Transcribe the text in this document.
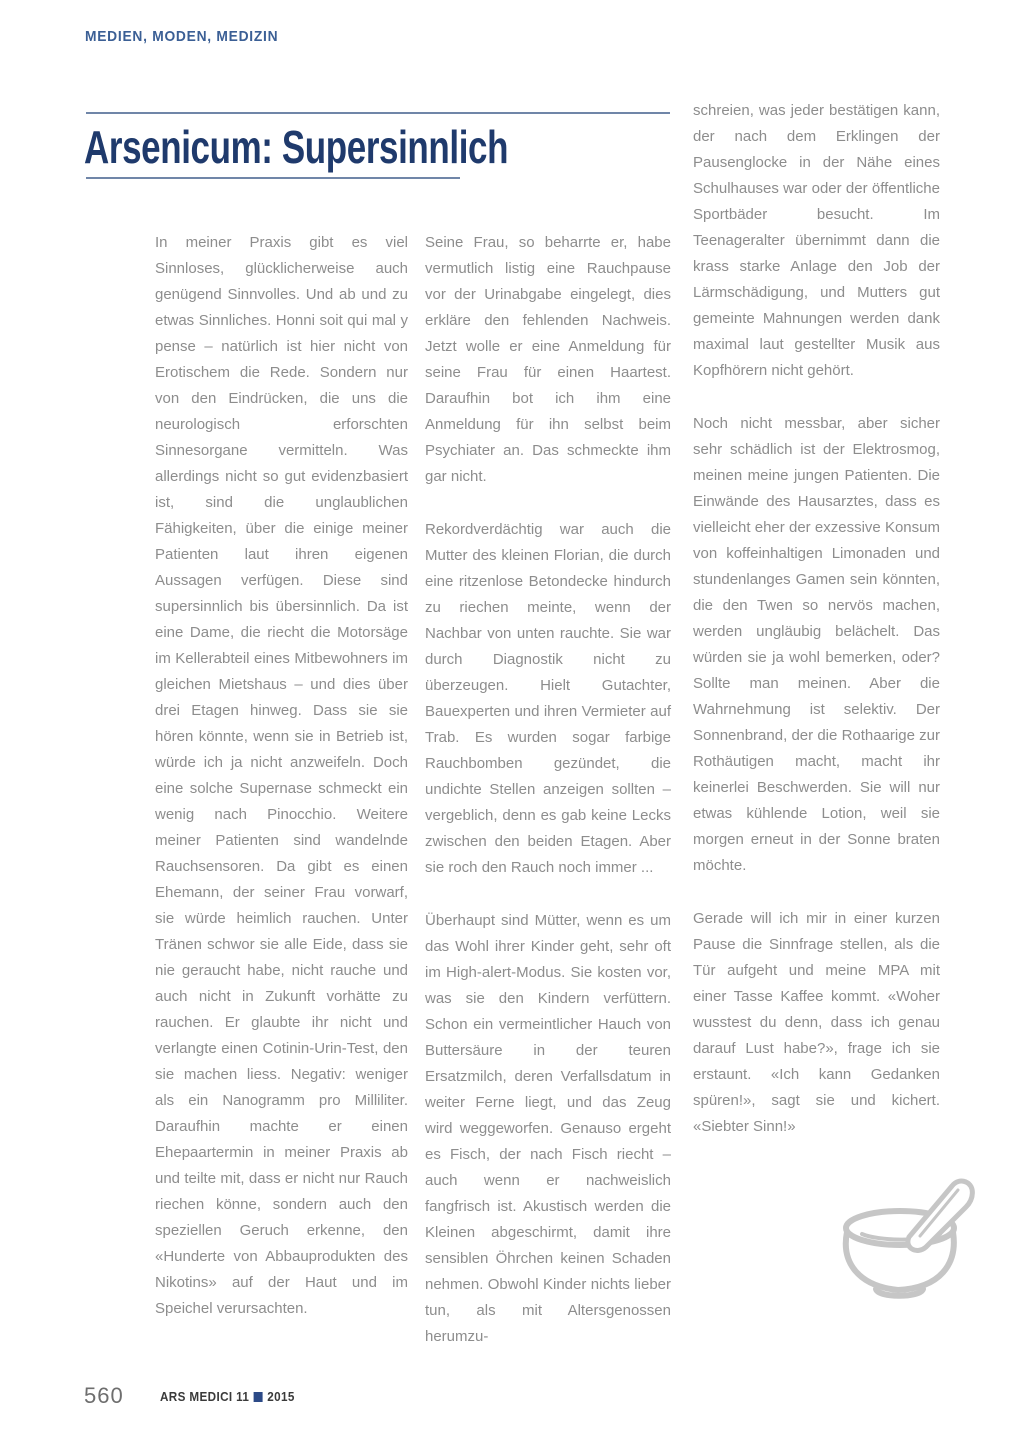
MEDIEN, MODEN, MEDIZIN
Arsenicum: Supersinnlich

In meiner Praxis gibt es viel Sinnloses, glücklicherweise auch genügend Sinnvolles. Und ab und zu etwas Sinnliches. Honni soit qui mal y pense – natürlich ist hier nicht von Erotischem die Rede. Sondern nur von den Eindrücken, die uns die neurologisch erforschten Sinnesorgane vermitteln. Was allerdings nicht so gut evidenzbasiert ist, sind die unglaublichen Fähigkeiten, über die einige meiner Patienten laut ihren eigenen Aussagen verfügen. Diese sind supersinnlich bis übersinnlich. Da ist eine Dame, die riecht die Motorsäge im Kellerabteil eines Mitbewohners im gleichen Mietshaus – und dies über drei Etagen hinweg. Dass sie sie hören könnte, wenn sie in Betrieb ist, würde ich ja nicht anzweifeln. Doch eine solche Supernase schmeckt ein wenig nach Pinocchio. Weitere meiner Patienten sind wandelnde Rauchsensoren. Da gibt es einen Ehemann, der seiner Frau vorwarf, sie würde heimlich rauchen. Unter Tränen schwor sie alle Eide, dass sie nie geraucht habe, nicht rauche und auch nicht in Zukunft vorhätte zu rauchen. Er glaubte ihr nicht und verlangte einen Cotinin-Urin-Test, den sie machen liess. Negativ: weniger als ein Nanogramm pro Milliliter. Daraufhin machte er einen Ehepaartermin in meiner Praxis ab und teilte mit, dass er nicht nur Rauch riechen könne, sondern auch den speziellen Geruch erkenne, den «Hunderte von Abbauprodukten des Nikotins» auf der Haut und im Speichel verursachten.

Seine Frau, so beharrte er, habe vermutlich listig eine Rauchpause vor der Urinabgabe eingelegt, dies erkläre den fehlenden Nachweis. Jetzt wolle er eine Anmeldung für seine Frau für einen Haartest. Daraufhin bot ich ihm eine Anmeldung für ihn selbst beim Psychiater an. Das schmeckte ihm gar nicht.

Rekordverdächtig war auch die Mutter des kleinen Florian, die durch eine ritzenlose Betondecke hindurch zu riechen meinte, wenn der Nachbar von unten rauchte. Sie war durch Diagnostik nicht zu überzeugen. Hielt Gutachter, Bauexperten und ihren Vermieter auf Trab. Es wurden sogar farbige Rauchbomben gezündet, die undichte Stellen anzeigen sollten – vergeblich, denn es gab keine Lecks zwischen den beiden Etagen. Aber sie roch den Rauch noch immer ...

Überhaupt sind Mütter, wenn es um das Wohl ihrer Kinder geht, sehr oft im High-alert-Modus. Sie kosten vor, was sie den Kindern verfüttern. Schon ein vermeintlicher Hauch von Buttersäure in der teuren Ersatzmilch, deren Verfallsdatum in weiter Ferne liegt, und das Zeug wird weggeworfen. Genauso ergeht es Fisch, der nach Fisch riecht – auch wenn er nachweislich fangfrisch ist. Akustisch werden die Kleinen abgeschirmt, damit ihre sensiblen Öhrchen keinen Schaden nehmen. Obwohl Kinder nichts lieber tun, als mit Altersgenossen herumzu-

schreien, was jeder bestätigen kann, der nach dem Erklingen der Pausenglocke in der Nähe eines Schulhauses war oder der öffentliche Sportbäder besucht. Im Teenageralter übernimmt dann die krass starke Anlage den Job der Lärmschädigung, und Mutters gut gemeinte Mahnungen werden dank maximal laut gestellter Musik aus Kopfhörern nicht gehört.

Noch nicht messbar, aber sicher sehr schädlich ist der Elektrosmog, meinen meine jungen Patienten. Die Einwände des Hausarztes, dass es vielleicht eher der exzessive Konsum von koffeinhaltigen Limonaden und stundenlanges Gamen sein könnten, die den Twen so nervös machen, werden ungläubig belächelt. Das würden sie ja wohl bemerken, oder? Sollte man meinen. Aber die Wahrnehmung ist selektiv. Der Sonnenbrand, der die Rothaarige zur Rothäutigen macht, macht ihr keinerlei Beschwerden. Sie will nur etwas kühlende Lotion, weil sie morgen erneut in der Sonne braten möchte.

Gerade will ich mir in einer kurzen Pause die Sinnfrage stellen, als die Tür aufgeht und meine MPA mit einer Tasse Kaffee kommt. «Woher wusstest du denn, dass ich genau darauf Lust habe?», frage ich sie erstaunt. «Ich kann Gedanken spüren!», sagt sie und kichert. «Siebter Sinn!»

560	ARS MEDICI 11 2015
